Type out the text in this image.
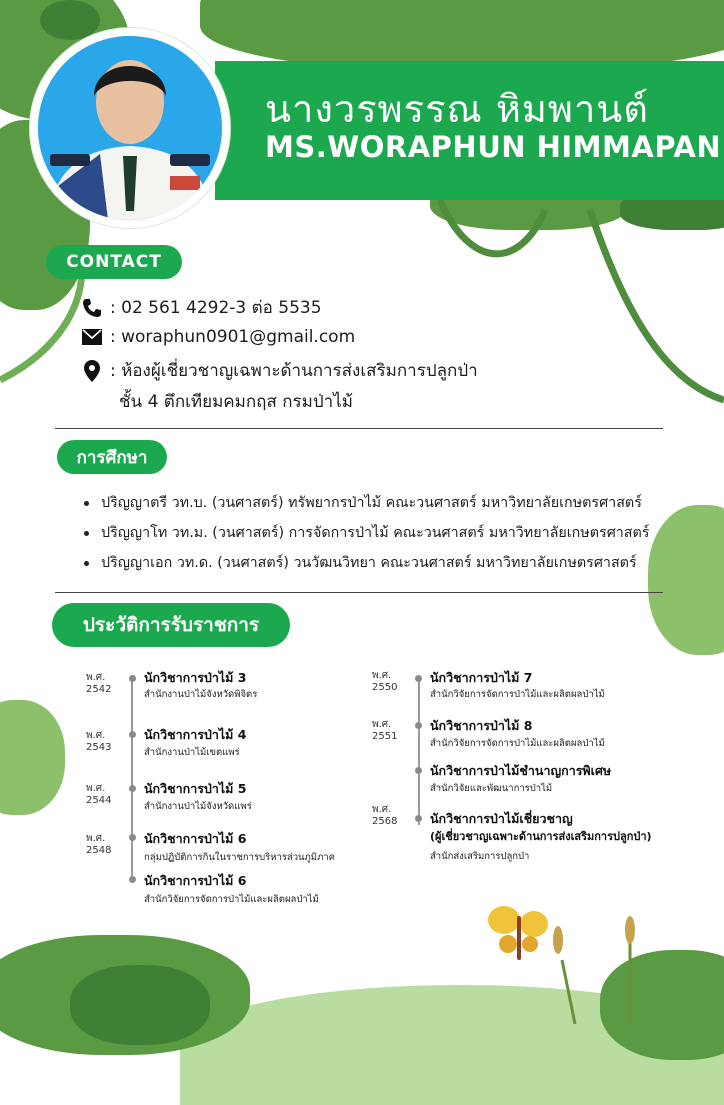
นางวรพรรณ หิมพานต์
MS.WORAPHUN HIMMAPAN
CONTACT
: 02 561 4292-3 ต่อ 5535
: woraphun0901@gmail.com
: ห้องผู้เชี่ยวชาญเฉพาะด้านการส่งเสริมการปลูกป่า
ชั้น 4 ตึกเทียมคมกฤส กรมป่าไม้
การศึกษา
ปริญญาตรี วท.บ. (วนศาสตร์) ทรัพยากรป่าไม้ คณะวนศาสตร์ มหาวิทยาลัยเกษตรศาสตร์
ปริญญาโท วท.ม. (วนศาสตร์) การจัดการป่าไม้ คณะวนศาสตร์ มหาวิทยาลัยเกษตรศาสตร์
ปริญญาเอก วท.ด. (วนศาสตร์) วนวัฒนวิทยา คณะวนศาสตร์ มหาวิทยาลัยเกษตรศาสตร์
ประวัติการรับราชการ
พ.ศ.
2542
นักวิชาการป่าไม้ 3
สำนักงานป่าไม้จังหวัดพิจิตร
พ.ศ.
2543
นักวิชาการป่าไม้ 4
สำนักงานป่าไม้เขตแพร่
พ.ศ.
2544
นักวิชาการป่าไม้ 5
สำนักงานป่าไม้จังหวัดแพร่
พ.ศ.
2548
นักวิชาการป่าไม้ 6
กลุ่มปฏิบัติการกินในราชการบริหารส่วนภูมิภาค
นักวิชาการป่าไม้ 6
สำนักวิจัยการจัดการป่าไม้และผลิตผลป่าไม้
พ.ศ.
2550
นักวิชาการป่าไม้ 7
สำนักวิจัยการจัดการป่าไม้และผลิตผลป่าไม้
พ.ศ.
2551
นักวิชาการป่าไม้ 8
สำนักวิจัยการจัดการป่าไม้และผลิตผลป่าไม้
นักวิชาการป่าไม้ชำนาญการพิเศษ
สำนักวิจัยและพัฒนาการป่าไม้
พ.ศ.
2568	นักวิชาการป่าไม้เชี่ยวชาญ
(ผู้เชี่ยวชาญเฉพาะด้านการส่งเสริมการปลูกป่า)
สำนักส่งเสริมการปลูกป่า
